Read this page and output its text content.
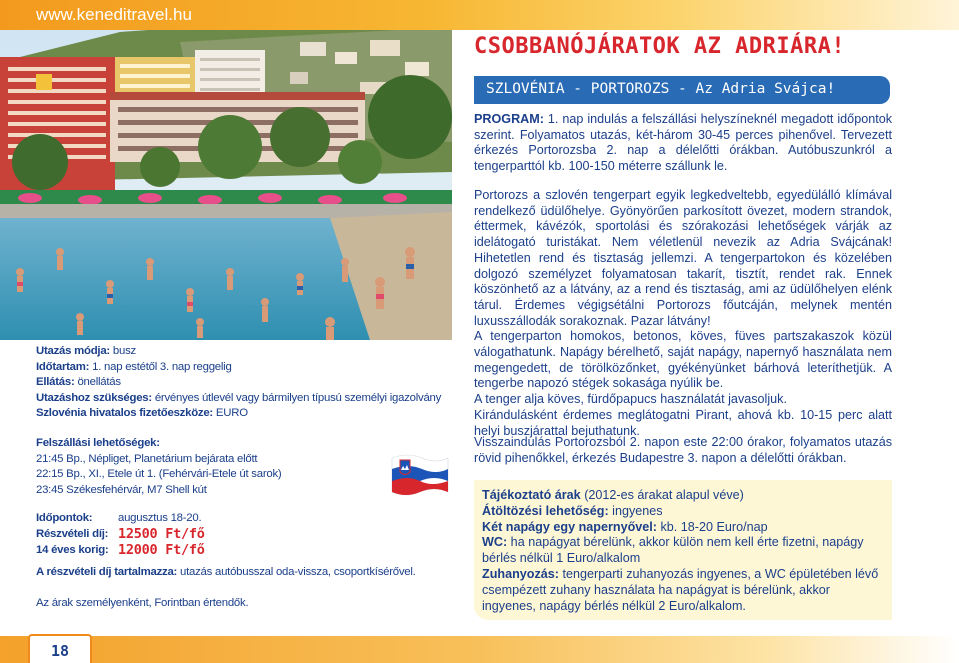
www.keneditravel.hu
CSOBBANÓJÁRATOK AZ ADRIÁRA!
SZLOVÉNIA - PORTOROZS - Az Adria Svájca!
PROGRAM: 1. nap indulás a felszállási helyszíneknél megadott időpontok szerint. Folyamatos utazás, két-három 30-45 perces pihenővel. Tervezett érkezés Portorozsba 2. nap a délelőtti órákban. Autóbuszunkról a tengerparttól kb. 100-150 méterre szállunk le.
Portorozs a szlovén tengerpart egyik legkedveltebb, egyedülálló klímával rendelkező üdülőhelye. Gyönyörűen parkosított övezet, modern strandok, éttermek, kávézók, sportolási és szórakozási lehetőségek várják az idelátogató turistákat. Nem véletlenül nevezik az Adria Svájcának! Hihetetlen rend és tisztaság jellemzi. A tengerpartokon és közelében dolgozó személyzet folyamatosan takarít, tisztít, rendet rak. Ennek köszönhető az a látvány, az a rend és tisztaság, ami az üdülőhelyen elénk tárul. Érdemes végigsétálni Portorozs főutcáján, melynek mentén luxusszállodák sorakoznak. Pazar látvány!
A tengerparton homokos, betonos, köves, füves partszakaszok közül válogathatunk. Napágy bérelhető, saját napágy, napernyő használata nem megengedett, de törölközőnket, gyékényünket bárhová leteríthetjük. A tengerbe napozó stégek sokasága nyúlik be.
A tenger alja köves, fürdőpapucs használatát javasoljuk.
Kirándulásként érdemes meglátogatni Pirant, ahová kb. 10-15 perc alatt helyi buszjárattal bejuthatunk.
Visszaindulás Portorozsból 2. napon este 22:00 órakor, folyamatos utazás rövid pihenőkkel, érkezés Budapestre 3. napon a délelőtti órákban.

Tájékoztató árak (2012-es árakat alapul véve)

Átöltözési lehetőség: ingyenes

Két napágy egy napernyővel: kb. 18-20 Euro/nap

WC: ha napágyat bérelünk, akkor külön nem kell érte fizetni, napágy bérlés nélkül 1 Euro/alkalom

Zuhanyozás: tengerparti zuhanyozás ingyenes, a WC épületében lévő csempézett zuhany használata ha napágyat is bérelünk, akkor ingyenes, napágy bérlés nélkül 2 Euro/alkalom.

Utazás módja: busz
Időtartam: 1. nap estétől 3. nap reggelig
Ellátás: önellátás
Utazáshoz szükséges: érvényes útlevél vagy bármilyen típusú személyi igazolvány
Szlovénia hivatalos fizetőeszköze: EURO
Felszállási lehetőségek:
21:45 Bp., Népliget, Planetárium bejárata előtt
22:15 Bp., XI., Etele út 1. (Fehérvári-Etele út sarok)
23:45 Székesfehérvár, M7 Shell kút
Időpontok: augusztus 18-20.
Részvételi díj: 12500 Ft/fő
14 éves korig: 12000 Ft/fő
A részvételi díj tartalmazza: utazás autóbusszal oda-vissza, csoportkísérővel.
Az árak személyenként, Forintban értendők.
18
